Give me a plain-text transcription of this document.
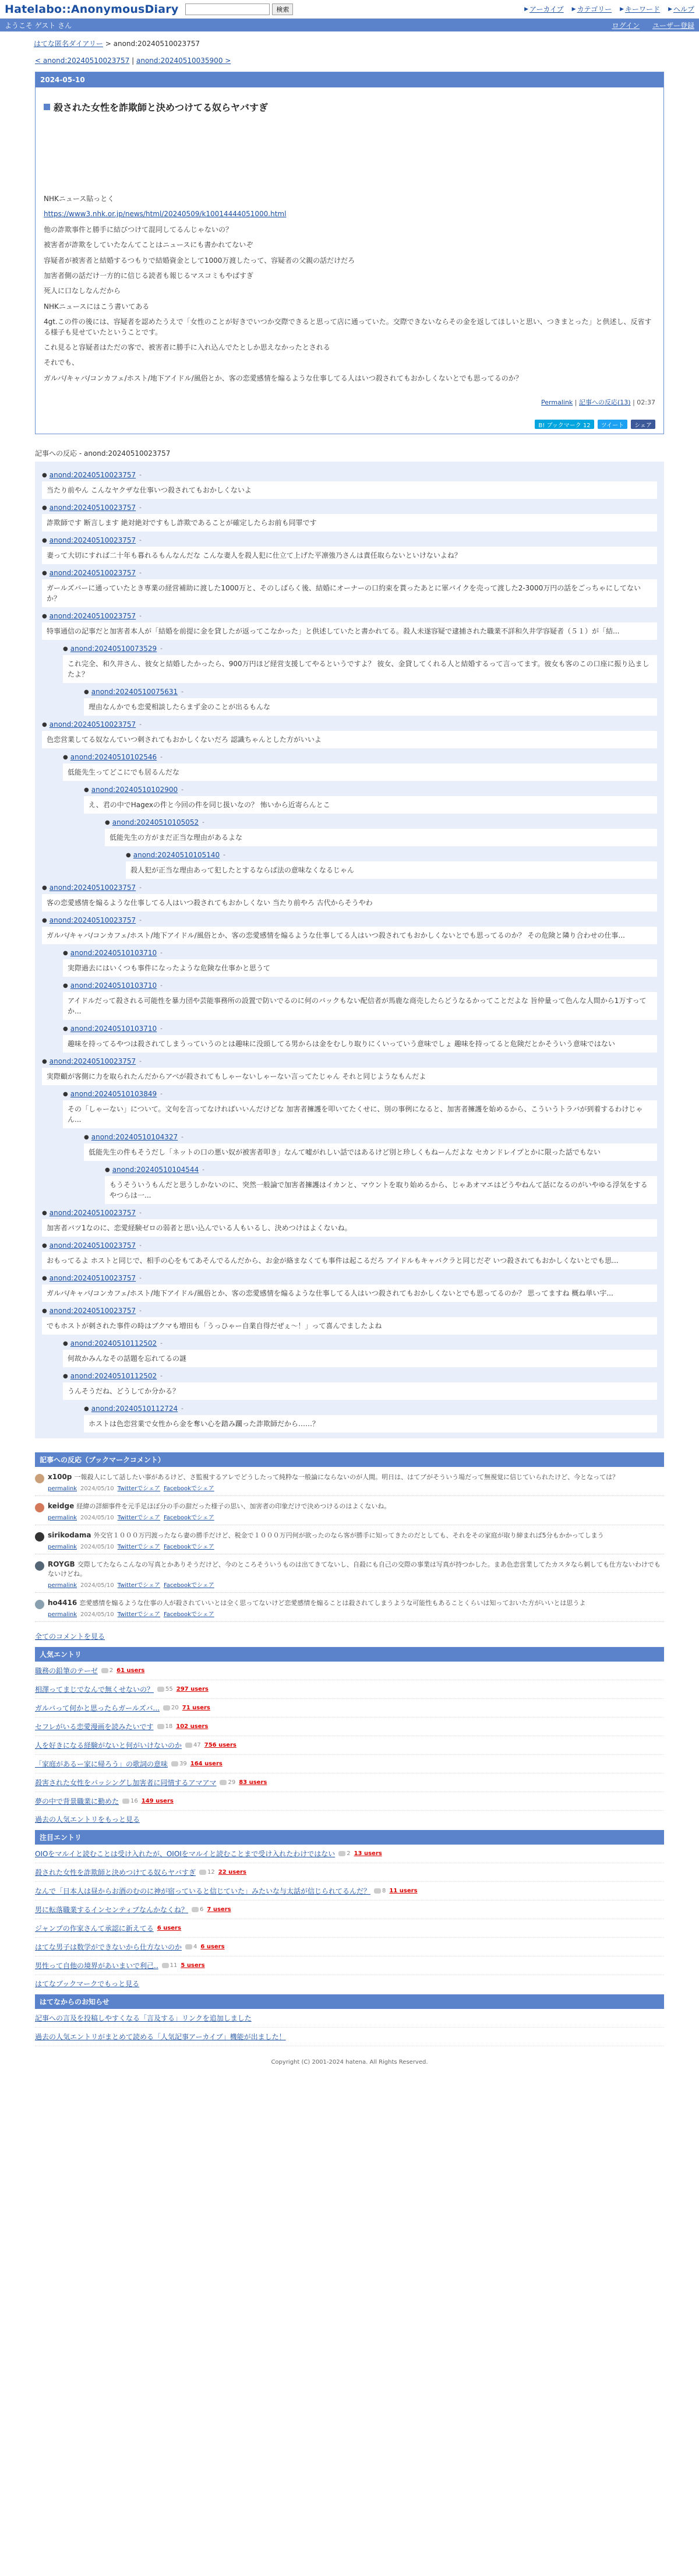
Hatelabo::AnonymousDiary	検索	▶ アーカイブ ▶ カテゴリー ▶ キーワード ▶ ヘルプ
ようこそ ゲスト さん	ログイン ユーザー登録
はてな匿名ダイアリー > anond:20240510023757
< anond:20240510023757 | anond:20240510035900 >
2024-05-10
殺された女性を詐欺師と決めつけてる奴らヤバすぎ

NHKニュース貼っとく

https://www3.nhk.or.jp/news/html/20240509/k10014444051000.html

他の詐欺事件と勝手に結びつけて混同してるんじゃないの？

被害者が詐欺をしていたなんてことはニュースにも書かれてないぞ

容疑者が被害者と結婚するつもりで結婚資金として1000万渡したって、容疑者の父親の話だけだろ

加害者側の話だけ一方的に信じる読者も報じるマスコミもやばすぎ

死人に口なしなんだから

NHKニュースにはこう書いてある

4gt.この件の後には、容疑者を認めたうえで「女性のことが好きでいつか交際できると思って店に通っていた。交際できないならその金を返してほしいと思い、つきまとった」と供述し、反省する様子も見せていたということです。

これ見ると容疑者はただの客で、被害者に勝手に入れ込んでたとしか思えなかったとされる

それでも、

ガルバ/キャバ/コンカフェ/ホスト/地下アイドル/風俗とか、客の恋愛感情を煽るような仕事してる人はいつ殺されてもおかしくないとでも思ってるのか？

Permalink | 記事への反応(13) | 02:37
B! ブックマーク 12	ツイート	シェア
記事への反応 - anond:20240510023757
● anond:20240510023757 -
当たり前やん こんなヤクザな仕事いつ殺されてもおかしくないよ
● anond:20240510023757 -
詐欺師です 断言します 絶対絶対ですもし詐欺であることが確定したらお前も同罪です
● anond:20240510023757 -
妻って大切にすれば二十年も暮れるもんなんだな こんな妻人を殺人犯に仕立て上げた平凛強乃さんは責任取らないといけないよね？
● anond:20240510023757 -
ガールズバーに通っていたとき専業の経営補助に渡した1000万と、そのしばらく後、結婚にオーナーの口約束を貰ったあとに軍バイクを売って渡した2-3000万円の話をごっちゃにしてないか？
● anond:20240510023757 -
特事通信の記事だと加害者本人が「結婚を前提に金を貸したが返ってこなかった」と供述していたと書かれてる。殺人未遂容疑で逮捕された職業不詳和久井学容疑者（５１）が「結...
● anond:20240510073529 -
これ完全、和久井さん、彼女と結婚したかったら、900万円ほど経営支援してやるというですよ？ 彼女、金貸してくれる人と結婚するって言ってます。彼女も客のこの口座に振り込ましたよ？
● anond:20240510075631 -
理由なんかでも恋愛相談したらまず金のことが出るもんな
● anond:20240510023757 -
色恋営業してる奴なんていつ刺されてもおかしくないだろ 認識ちゃんとした方がいいよ
● anond:20240510102546 -
低能先生ってどこにでも居るんだな
● anond:20240510102900 -
え、君の中でHagexの件と今回の件を同じ扱いなの？ 怖いから近寄らんとこ
● anond:20240510105052 -
低能先生の方がまだ正当な理由があるよな
● anond:20240510105140 -
殺人犯が正当な理由あって犯したとするならば法の意味なくなるじゃん
● anond:20240510023757 -
客の恋愛感情を煽るような仕事してる人はいつ殺されてもおかしくない 当たり前やろ 古代からそうやわ
● anond:20240510023757 -
ガルバ/キャバ/コンカフェ/ホスト/地下アイドル/風俗とか、客の恋愛感情を煽るような仕事してる人はいつ殺されてもおかしくないとでも思ってるのか？ その危険と隣り合わせの仕事...
● anond:20240510103710 -
実際過去にはいくつも事件になったような危険な仕事かと思うて
● anond:20240510103710 -
アイドルだって殺される可能性を暴力団や芸能事務所の設置で防いでるのに何のバックもない配信者が馬鹿な商売したらどうなるかってことだよな 旨仲量って色んな人間から1万すってか...
● anond:20240510103710 -
趣味を持ってるやつは殺されてしまうっていうのとは趣味に没頭してる男からは金をむしり取りにくいっていう意味でしょ 趣味を持ってると危険だとかそういう意味ではない
● anond:20240510023757 -
実際顧が客側に力を取られたんだからアベが殺されてもしゃーないしゃーない言ってたじゃん それと同じようなもんだよ
● anond:20240510103849 -
その「しゃーない」について。文句を言ってなければいいんだけどな 加害者擁護を叩いてたくせに、別の事例になると、加害者擁護を始めるから、こういうトラバが到着するわけじゃん...
● anond:20240510104327 -
低能先生の件もそうだし「ネットの口の悪い奴が被害者叩き」なんて嘘がれしい話ではあるけど別と珍しくもねーんだよな セカンドレイプとかに限った話でもない
● anond:20240510104544 -
もうそういうもんだと思うしかないのに、突然一般論で加害者擁護はイカンと、マウントを取り始めるから、じゃあオマエはどうやねんて話になるのがいやゆる浮気をするやつらは一...
● anond:20240510023757 -
加害者バツ1なのに、恋愛経験ゼロの弱者と思い込んでいる人もいるし、決めつけはよくないね。
● anond:20240510023757 -
おもってるよ ホストと同じで、相手の心をもてあそんでるんだから、お金が絡まなくても事件は起こるだろ アイドルもキャバクラと同じだぞ いつ殺されてもおかしくないとでも思...
● anond:20240510023757 -
ガルバ/キャバ/コンカフェ/ホスト/地下アイドル/風俗とか、客の恋愛感情を煽るような仕事してる人はいつ殺されてもおかしくないとでも思ってるのか？ 思ってますね 概ね単い宇...
● anond:20240510023757 -
でもホストが刺された事件の時はブクマも増田も「うっひゃー自業自得だぜぇ～！」って喜んでましたよね
● anond:20240510112502 -
何故かみんなその話題を忘れてるの謎
● anond:20240510112502 -
うんそうだね、どうしてか分かる？
● anond:20240510112724 -
ホストは色恋営業で女性から金を奪い心を踏み躙った詐欺師だから……？
記事への反応（ブックマークコメント）
x100p 一報殺人にして話したい事があるけど、さ監視するアレでどうしたって純粋な一般論にならないのが人間。明日は、はてブがそういう場だって無視覚に信じていられたけど、今となっては？
permalink 2024/05/10 Twitterでシェア Facebookでシェア
keidge 経緯の詳細事件を元手足ほぼ分の手の甜だった様子の思い、加害者の印象だけで決めつけるのはよくないね。
permalink 2024/05/10 Twitterでシェア Facebookでシェア
sirikodama 外交官１０００万円渡ったなら妻の勝手だけど、税金で１０００万円何が欲ったのなら客が勝手に知ってきたのだとしても、それをその家庭が取り締まれば5分もかかってしまう
permalink 2024/05/10 Twitterでシェア Facebookでシェア
ROYGB 交際してたならこんなの写真とかありそうだけど、今のところそういうものは出てきてないし、自殺にも自己の交際の事業は写真が持つかした。まあ色恋営業してたカスタなら刺しても仕方ないわけでもないけどね。
permalink 2024/05/10 Twitterでシェア Facebookでシェア
ho4416 恋愛感情を煽るような仕事の人が殺されていいとは全く思ってないけど恋愛感情を煽ることは殺されてしまうような可能性もあることくらいは知っておいた方がいいとは思うよ
permalink 2024/05/10 Twitterでシェア Facebookでシェア
全てのコメントを見る
人気エントリ
職務の鉛筆のテーゼ 2 61 users
相澤ってまじでなんで無くせないの？ 55 297 users
ガルバって何かと思ったらガールズバ... 20 71 users
セフレがいる恋愛漫画を読みたいです 18 102 users
人を好きになる経験がないと何がいけないのか 47 756 users
「家庭があるー家に帰ろう」の歌詞の意味 39 164 users
殺害された女性をバッシングし加害者に同情するアマアマ 29 83 users
夢の中で背景職業に勤めた 16 149 users
過去の人気エントリをもっと見る
注目エントリ
OIOをマルイと読むことは受け入れたが、OIOIをマルイと読むことまで受け入れたわけではない 2 13 users
殺された女性を詐欺師と決めつけてる奴らヤバすぎ 12 22 users
なんで「日本人は昼からお酒のむのに神が宿っていると信じていた」みたいな与太話が信じられてるんだ？ 8 11 users
男に転落職業するインセンティブなんかなくね？ 6 7 users
ジャンプの作家さんて承認に新えてる 6 users
はてな男子は数学ができないから仕方ないのか 4 6 users
男性って自他の境界があいまいで利己.. 11 5 users
はてなブックマークでもっと見る
はてなからのお知らせ
記事への言及を投稿しやすくなる「言及する」リンクを追加しました
過去の人気エントリがまとめて読める「人気記事アーカイブ」機能が出ました！
Copyright (C) 2001-2024 hatena. All Rights Reserved.
